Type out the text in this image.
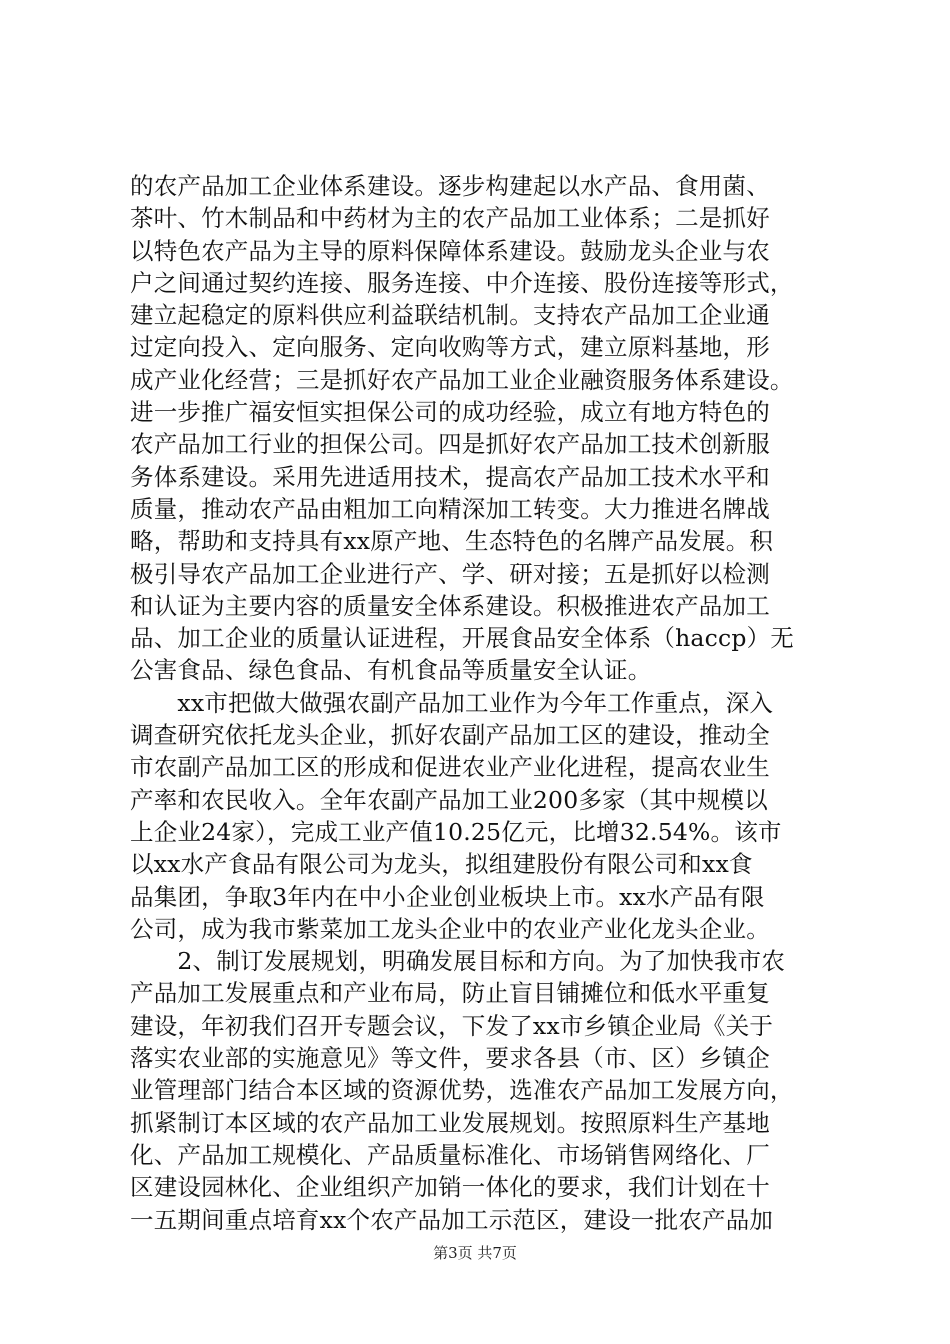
的农产品加工企业体系建设。逐步构建起以水产品、食用菌、
茶叶、竹木制品和中药材为主的农产品加工业体系；二是抓好
以特色农产品为主导的原料保障体系建设。鼓励龙头企业与农
户之间通过契约连接、服务连接、中介连接、股份连接等形式，
建立起稳定的原料供应利益联结机制。支持农产品加工企业通
过定向投入、定向服务、定向收购等方式，建立原料基地，形
成产业化经营；三是抓好农产品加工业企业融资服务体系建设。
进一步推广福安恒实担保公司的成功经验，成立有地方特色的
农产品加工行业的担保公司。四是抓好农产品加工技术创新服
务体系建设。采用先进适用技术，提高农产品加工技术水平和
质量，推动农产品由粗加工向精深加工转变。大力推进名牌战
略，帮助和支持具有xx原产地、生态特色的名牌产品发展。积
极引导农产品加工企业进行产、学、研对接；五是抓好以检测
和认证为主要内容的质量安全体系建设。积极推进农产品加工
品、加工企业的质量认证进程，开展食品安全体系（haccp）无
公害食品、绿色食品、有机食品等质量安全认证。
　　xx市把做大做强农副产品加工业作为今年工作重点，深入
调查研究依托龙头企业，抓好农副产品加工区的建设，推动全
市农副产品加工区的形成和促进农业产业化进程，提高农业生
产率和农民收入。全年农副产品加工业200多家（其中规模以
上企业24家），完成工业产值10.25亿元，比增32.54%。该市
以xx水产食品有限公司为龙头，拟组建股份有限公司和xx食
品集团，争取3年内在中小企业创业板块上市。xx水产品有限
公司，成为我市紫菜加工龙头企业中的农业产业化龙头企业。
　　2、制订发展规划，明确发展目标和方向。为了加快我市农
产品加工发展重点和产业布局，防止盲目铺摊位和低水平重复
建设，年初我们召开专题会议，下发了xx市乡镇企业局《关于
落实农业部的实施意见》等文件，要求各县（市、区）乡镇企
业管理部门结合本区域的资源优势，选准农产品加工发展方向，
抓紧制订本区域的农产品加工业发展规划。按照原料生产基地
化、产品加工规模化、产品质量标准化、市场销售网络化、厂
区建设园林化、企业组织产加销一体化的要求，我们计划在十
一五期间重点培育xx个农产品加工示范区，建设一批农产品加
第3页 共7页
